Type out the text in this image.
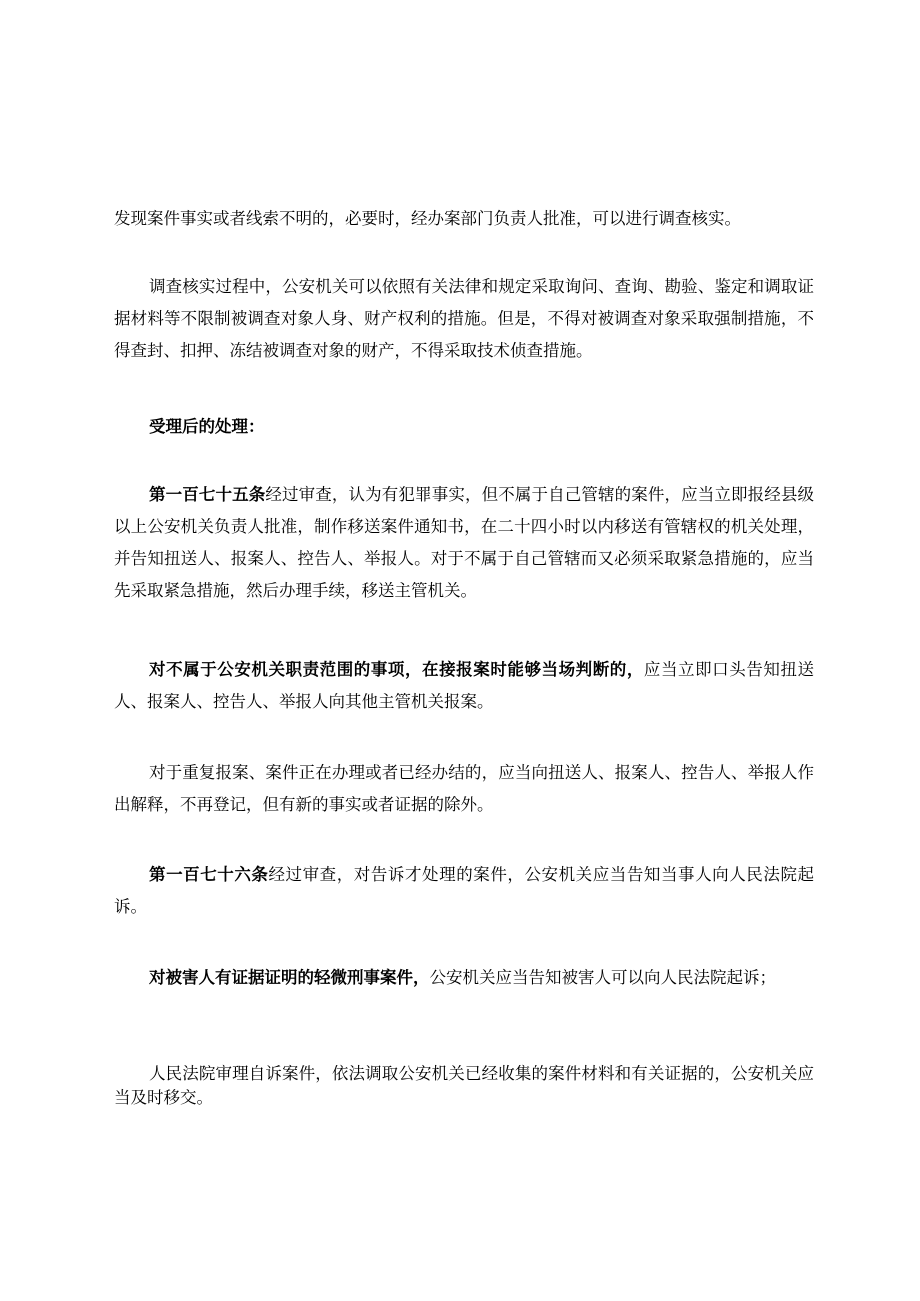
发现案件事实或者线索不明的，必要时，经办案部门负责人批准，可以进行调查核实。

调查核实过程中，公安机关可以依照有关法律和规定采取询问、查询、勘验、鉴定和调取证据材料等不限制被调查对象人身、财产权利的措施。但是，不得对被调查对象采取强制措施，不得查封、扣押、冻结被调查对象的财产，不得采取技术侦查措施。

受理后的处理：

第一百七十五条经过审查，认为有犯罪事实，但不属于自己管辖的案件，应当立即报经县级以上公安机关负责人批准，制作移送案件通知书，在二十四小时以内移送有管辖权的机关处理，并告知扭送人、报案人、控告人、举报人。对于不属于自己管辖而又必须采取紧急措施的，应当先采取紧急措施，然后办理手续，移送主管机关。

对不属于公安机关职责范围的事项，在接报案时能够当场判断的，应当立即口头告知扭送人、报案人、控告人、举报人向其他主管机关报案。

对于重复报案、案件正在办理或者已经办结的，应当向扭送人、报案人、控告人、举报人作出解释，不再登记，但有新的事实或者证据的除外。

第一百七十六条经过审查，对告诉才处理的案件，公安机关应当告知当事人向人民法院起诉。

对被害人有证据证明的轻微刑事案件，公安机关应当告知被害人可以向人民法院起诉；

人民法院审理自诉案件，依法调取公安机关已经收集的案件材料和有关证据的，公安机关应当及时移交。
